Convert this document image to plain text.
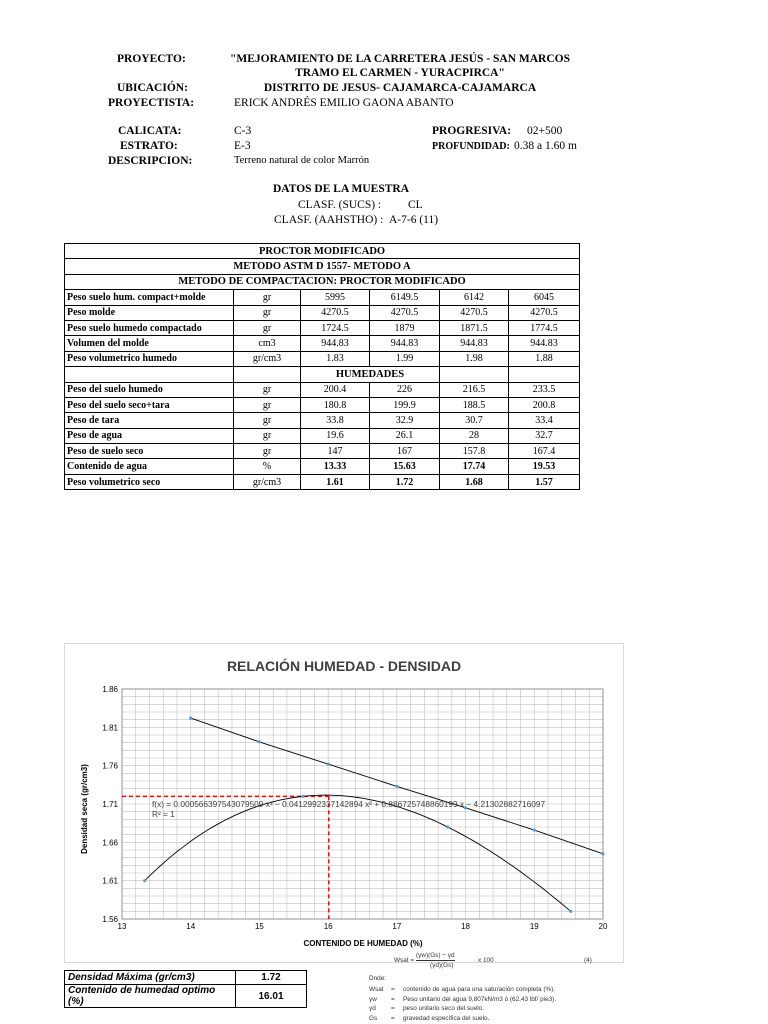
PROYECTO:	"MEJORAMIENTO DE LA CARRETERA JESÚS - SAN MARCOS
TRAMO EL CARMEN - YURACPIRCA"
UBICACIÓN:	DISTRITO DE JESUS- CAJAMARCA-CAJAMARCA
PROYECTISTA:	ERICK ANDRÉS EMILIO GAONA ABANTO
CALICATA:	C-3	PROGRESIVA: 02+500
ESTRATO:	E-3	PROFUNDIDAD: 0.38 a 1.60 m
DESCRIPCION:	Terreno natural de color Marrón
DATOS DE LA MUESTRA
CLASF. (SUCS) : CL
CLASF. (AAHSTHO) : A-7-6 (11)
PROCTOR MODIFICADO					
METODO ASTM D 1557- METODO A					
METODO DE COMPACTACION: PROCTOR MODIFICADO					
Peso suelo hum. compact+molde	gr	5995	6149.5	6142	6045
Peso molde	gr	4270.5	4270.5	4270.5	4270.5
Peso suelo humedo compactado	gr	1724.5	1879	1871.5	1774.5
Volumen del molde	cm3	944.83	944.83	944.83	944.83
Peso volumetrico humedo	gr/cm3	1.83	1.99	1.98	1.88
		HUMEDADES			
Peso del suelo humedo	gr	200.4	226	216.5	233.5
Peso del suelo seco+tara	gr	180.8	199.9	188.5	200.8
Peso de tara	gr	33.8	32.9	30.7	33.4
Peso de agua	gr	19.6	26.1	28	32.7
Peso de suelo seco	gr	147	167	157.8	167.4
Contenido de agua	%	13.33	15.63	17.74	19.53
Peso volumetrico seco	gr/cm3	1.61	1.72	1.68	1.57
RELACIÓN HUMEDAD - DENSIDAD
13	14	15	16	17	18	19	20
1.56
1.61
1.66
1.71
1.76
1.81
1.86
f(x) = 0.000566397543079509 x³ − 0.0412992337142894 x² + 0.886725748860199 x − 4.21302882716097
R² = 1
CONTENIDO DE HUMEDAD (%)
Densidad seca (gr/cm3)
Densidad Máxima (gr/cm3)	1.72
Contenido de humedad optimo (%)	16.01
Wsat =
(γw)(Gs) − γd
(γd)(Gs)
x 100	(4)
Dnde:
Wsat = contenido de agua para una saturación completa (%).
γw = Peso unitario del agua 9,807kN/m3 ó (62,43 lbf/ pie3).
γd = peso unitario seco del suelo.
Gs = gravedad específica del suelo.
